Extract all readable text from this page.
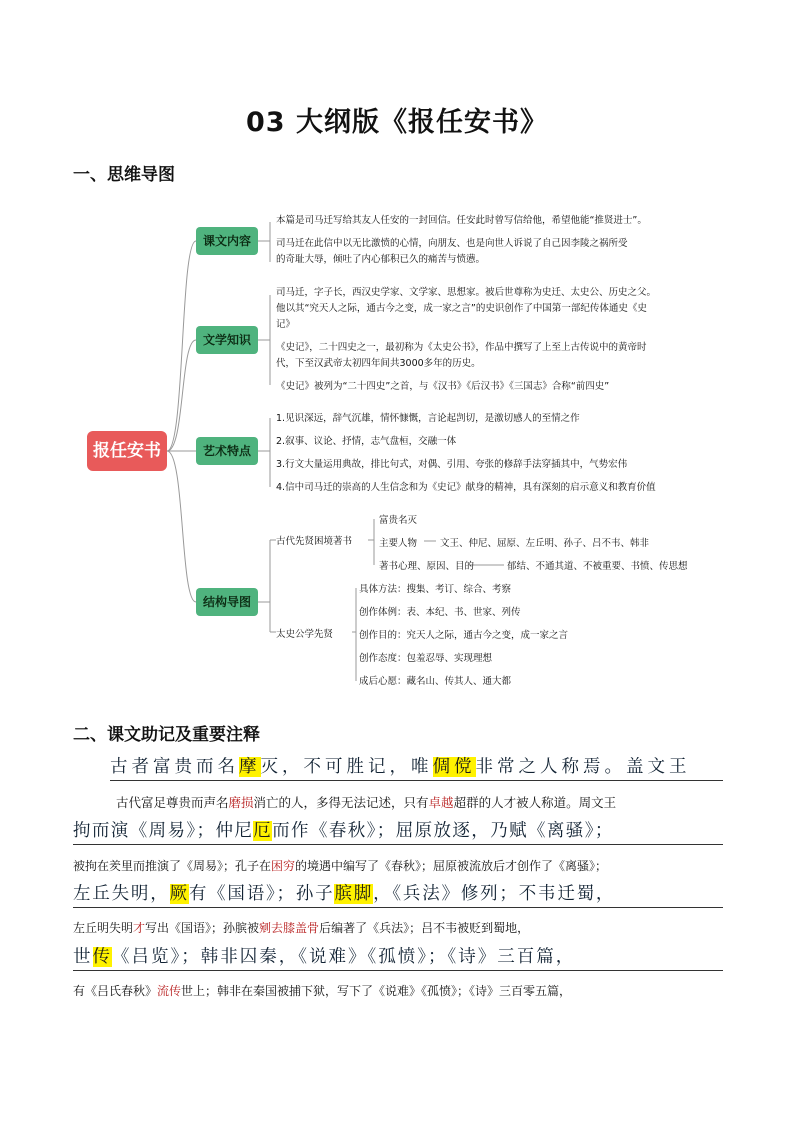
03 大纲版《报任安书》
一、思维导图
报任安书
课文内容
文学知识
艺术特点
结构导图
本篇是司马迁写给其友人任安的一封回信。任安此时曾写信给他，希望他能“推贤进士”。
司马迁在此信中以无比激愤的心情，向朋友、也是向世人诉说了自己因李陵之祸所受
的奇耻大辱，倾吐了内心郁积已久的痛苦与愤懑。
司马迁，字子长，西汉史学家、文学家、思想家。被后世尊称为史迁、太史公、历史之父。
他以其“究天人之际，通古今之变，成一家之言”的史识创作了中国第一部纪传体通史《史
记》
《史记》，二十四史之一，最初称为《太史公书》，作品中撰写了上至上古传说中的黄帝时
代，下至汉武帝太初四年间共3000多年的历史。
《史记》被列为“二十四史”之首，与《汉书》《后汉书》《三国志》合称“前四史”
1.见识深远，辞气沉雄，情怀慷慨，言论起剀切，是激切感人的至情之作
2.叙事、议论、抒情，志气盘桓，交融一体
3.行文大量运用典故，排比句式，对偶、引用、夸张的修辞手法穿插其中，气势宏伟
4.信中司马迁的崇高的人生信念和为《史记》献身的精神，具有深刻的启示意义和教育价值
古代先贤困境著书
富贵名灭
主要人物 文王、仲尼、屈原、左丘明、孙子、吕不韦、韩非
著书心理、原因、目的	郁结、不通其道、不被重要、书愤、传思想
太史公学先贤
具体方法：搜集、考订、综合、考察
创作体例：表、本纪、书、世家、列传
创作目的：究天人之际，通古今之变，成一家之言
创作态度：包羞忍辱、实现理想
成后心愿：藏名山、传其人、通大都
二、课文助记及重要注释
古者富贵而名摩灭，不可胜记，唯倜傥非常之人称焉。盖文王
古代富足尊贵而声名磨损消亡的人，多得无法记述，只有卓越超群的人才被人称道。周文王
拘而演《周易》；仲尼厄而作《春秋》；屈原放逐，乃赋《离骚》；
被拘在羑里而推演了《周易》；孔子在困穷的境遇中编写了《春秋》；屈原被流放后才创作了《离骚》；
左丘失明，厥有《国语》；孙子膑脚，《兵法》修列；不韦迁蜀，
左丘明失明才写出《国语》；孙膑被剜去膝盖骨后编著了《兵法》；吕不韦被贬到蜀地，
世传《吕览》；韩非囚秦，《说难》《孤愤》；《诗》三百篇，
有《吕氏春秋》流传世上；韩非在秦国被捕下狱，写下了《说难》《孤愤》；《诗》三百零五篇，
